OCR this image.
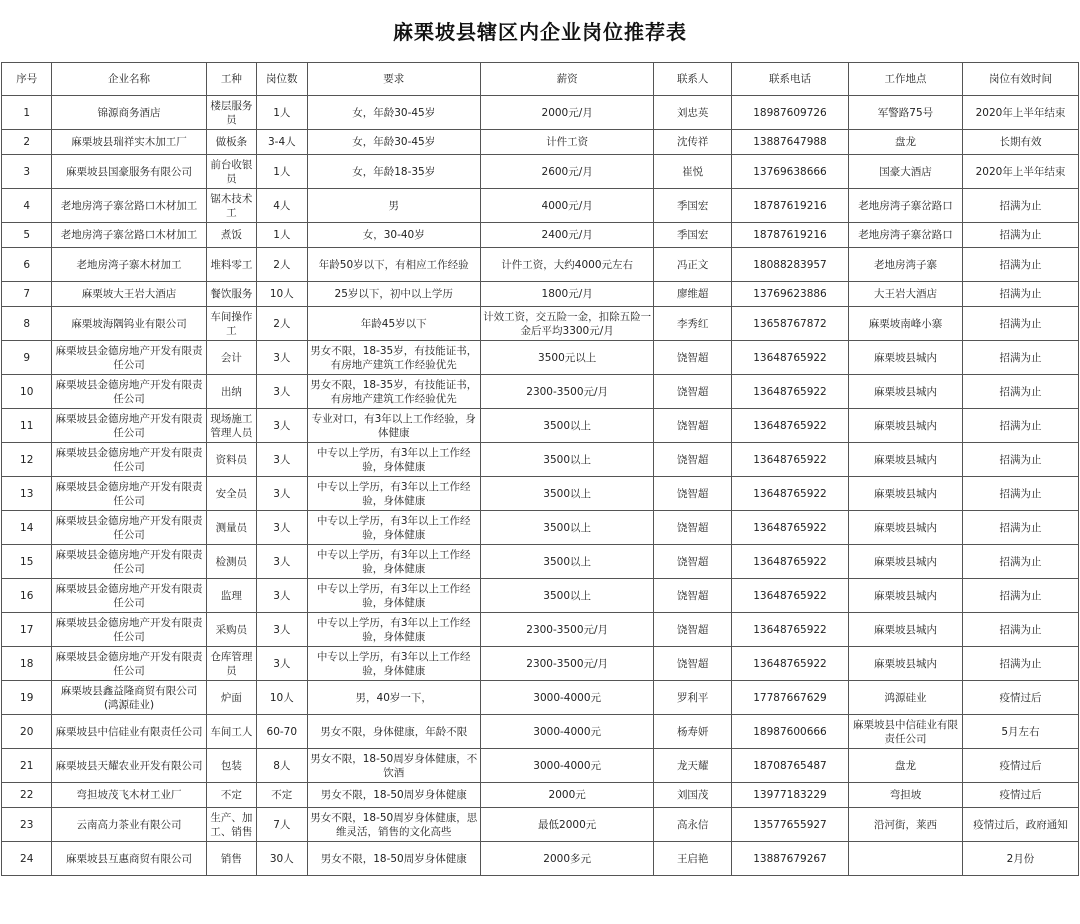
麻栗坡县辖区内企业岗位推荐表
序号	企业名称	工种	岗位数	要求	薪资	联系人	联系电话	工作地点	岗位有效时间
1	锦源商务酒店	楼层服务员	1人	女，年龄30-45岁	2000元/月	刘忠英	18987609726	军警路75号	2020年上半年结束
2	麻栗坡县瑞祥实木加工厂	做板条	3-4人	女，年龄30-45岁	计件工资	沈传祥	13887647988	盘龙	长期有效
3	麻栗坡县国豪服务有限公司	前台收银员	1人	女，年龄18-35岁	2600元/月	崔悦	13769638666	国豪大酒店	2020年上半年结束
4	老地房湾子寨岔路口木材加工	锯木技术工	4人	男	4000元/月	季国宏	18787619216	老地房湾子寨岔路口	招满为止
5	老地房湾子寨岔路口木材加工	煮饭	1人	女，30-40岁	2400元/月	季国宏	18787619216	老地房湾子寨岔路口	招满为止
6	老地房湾子寨木材加工	堆料零工	2人	年龄50岁以下，有相应工作经验	计件工资，大约4000元左右	冯正文	18088283957	老地房湾子寨	招满为止
7	麻栗坡大王岩大酒店	餐饮服务	10人	25岁以下，初中以上学历	1800元/月	廖维超	13769623886	大王岩大酒店	招满为止
8	麻栗坡海隅钨业有限公司	车间操作工	2人	年龄45岁以下	计效工资，交五险一金，扣除五险一金后平均3300元/月	李秀红	13658767872	麻栗坡南峰小寨	招满为止
9	麻栗坡县金德房地产开发有限责任公司	会计	3人	男女不限，18-35岁，有技能证书，有房地产建筑工作经验优先	3500元以上	饶智超	13648765922	麻栗坡县城内	招满为止
10	麻栗坡县金德房地产开发有限责任公司	出纳	3人	男女不限，18-35岁，有技能证书，有房地产建筑工作经验优先	2300-3500元/月	饶智超	13648765922	麻栗坡县城内	招满为止
11	麻栗坡县金德房地产开发有限责任公司	现场施工管理人员	3人	专业对口，有3年以上工作经验，身体健康	3500以上	饶智超	13648765922	麻栗坡县城内	招满为止
12	麻栗坡县金德房地产开发有限责任公司	资料员	3人	中专以上学历，有3年以上工作经验，身体健康	3500以上	饶智超	13648765922	麻栗坡县城内	招满为止
13	麻栗坡县金德房地产开发有限责任公司	安全员	3人	中专以上学历，有3年以上工作经验，身体健康	3500以上	饶智超	13648765922	麻栗坡县城内	招满为止
14	麻栗坡县金德房地产开发有限责任公司	测量员	3人	中专以上学历，有3年以上工作经验，身体健康	3500以上	饶智超	13648765922	麻栗坡县城内	招满为止
15	麻栗坡县金德房地产开发有限责任公司	检测员	3人	中专以上学历，有3年以上工作经验，身体健康	3500以上	饶智超	13648765922	麻栗坡县城内	招满为止
16	麻栗坡县金德房地产开发有限责任公司	监理	3人	中专以上学历，有3年以上工作经验，身体健康	3500以上	饶智超	13648765922	麻栗坡县城内	招满为止
17	麻栗坡县金德房地产开发有限责任公司	采购员	3人	中专以上学历，有3年以上工作经验，身体健康	2300-3500元/月	饶智超	13648765922	麻栗坡县城内	招满为止
18	麻栗坡县金德房地产开发有限责任公司	仓库管理员	3人	中专以上学历，有3年以上工作经验，身体健康	2300-3500元/月	饶智超	13648765922	麻栗坡县城内	招满为止
19	麻栗坡县鑫益隆商贸有限公司(鸿源硅业)	炉面	10人	男，40岁一下，	3000-4000元	罗利平	17787667629	鸿源硅业	疫情过后
20	麻栗坡县中信硅业有限责任公司	车间工人	60-70	男女不限，身体健康，年龄不限	3000-4000元	杨寿妍	18987600666	麻栗坡县中信硅业有限责任公司	5月左右
21	麻栗坡县天耀农业开发有限公司	包装	8人	男女不限，18-50周岁身体健康，不饮酒	3000-4000元	龙天耀	18708765487	盘龙	疫情过后
22	弯担坡茂飞木材工业厂	不定	不定	男女不限，18-50周岁身体健康	2000元	刘国茂	13977183229	弯担坡	疫情过后
23	云南高力茶业有限公司	生产、加工、销售	7人	男女不限，18-50周岁身体健康，思维灵活，销售的文化高些	最低2000元	高永信	13577655927	沿河街，莱西	疫情过后，政府通知
24	麻栗坡县互惠商贸有限公司	销售	30人	男女不限，18-50周岁身体健康	2000多元	王启艳	13887679267		2月份
